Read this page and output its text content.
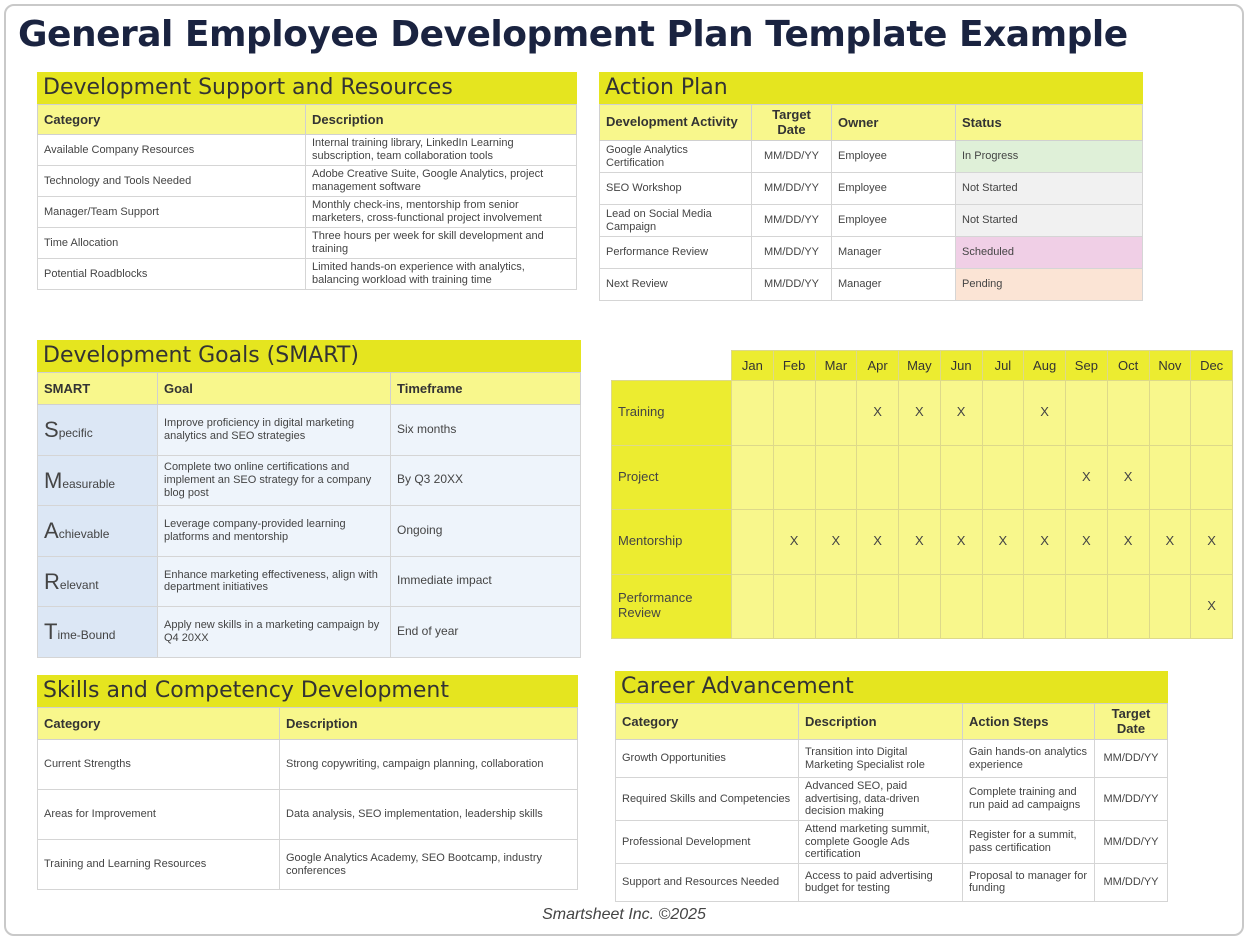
General Employee Development Plan Template Example
Development Support and Resources
Category	Description
Available Company Resources	Internal training library, LinkedIn Learning subscription, team collaboration tools
Technology and Tools Needed	Adobe Creative Suite, Google Analytics, project management software
Manager/Team Support	Monthly check-ins, mentorship from senior marketers, cross-functional project involvement
Time Allocation	Three hours per week for skill development and training
Potential Roadblocks	Limited hands-on experience with analytics, balancing workload with training time
Action Plan
Development Activity	Target Date	Owner	Status
Google Analytics Certification	MM/DD/YY	Employee	In Progress
SEO Workshop	MM/DD/YY	Employee	Not Started
Lead on Social Media Campaign	MM/DD/YY	Employee	Not Started
Performance Review	MM/DD/YY	Manager	Scheduled
Next Review	MM/DD/YY	Manager	Pending
Development Goals (SMART)
SMART	Goal	Timeframe
Specific	Improve proficiency in digital marketing analytics and SEO strategies	Six months
Measurable	Complete two online certifications and implement an SEO strategy for a company blog post	By Q3 20XX
Achievable	Leverage company-provided learning platforms and mentorship	Ongoing
Relevant	Enhance marketing effectiveness, align with department initiatives	Immediate impact
Time-Bound	Apply new skills in a marketing campaign by Q4 20XX	End of year
	Jan	Feb	Mar	Apr	May	Jun	Jul	Aug	Sep	Oct	Nov	Dec
Training				X	X	X		X				
Project									X	X		
Mentorship		X	X	X	X	X	X	X	X	X	X	X
Performance Review												X
Skills and Competency Development
Category	Description
Current Strengths	Strong copywriting, campaign planning, collaboration
Areas for Improvement	Data analysis, SEO implementation, leadership skills
Training and Learning Resources	Google Analytics Academy, SEO Bootcamp, industry conferences
Career Advancement
Category	Description	Action Steps	Target Date
Growth Opportunities	Transition into Digital Marketing Specialist role	Gain hands-on analytics experience	MM/DD/YY
Required Skills and Competencies	Advanced SEO, paid advertising, data-driven decision making	Complete training and run paid ad campaigns	MM/DD/YY
Professional Development	Attend marketing summit, complete Google Ads certification	Register for a summit, pass certification	MM/DD/YY
Support and Resources Needed	Access to paid advertising budget for testing	Proposal to manager for funding	MM/DD/YY
Smartsheet Inc. ©2025
